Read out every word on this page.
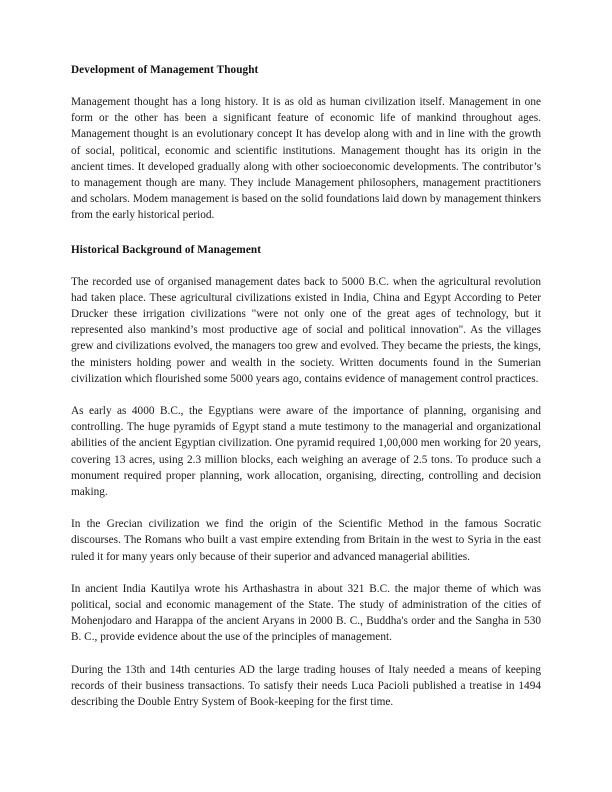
Development of Management Thought

Management thought has a long history. It is as old as human civilization itself. Management in one form or the other has been a significant feature of economic life of mankind throughout ages. Management thought is an evolutionary concept It has develop along with and in line with the growth of social, political, economic and scientific institutions. Management thought has its origin in the ancient times. It developed gradually along with other socioeconomic developments. The contributor’s to management though are many. They include Management philosophers, management practitioners and scholars. Modem management is based on the solid foundations laid down by management thinkers from the early historical period.

Historical Background of Management

The recorded use of organised management dates back to 5000 B.C. when the agricultural revolution had taken place. These agricultural civilizations existed in India, China and Egypt According to Peter Drucker these irrigation civilizations "were not only one of the great ages of technology, but it represented also mankind’s most productive age of social and political innovation". As the villages grew and civilizations evolved, the managers too grew and evolved. They became the priests, the kings, the ministers holding power and wealth in the society. Written documents found in the Sumerian civilization which flourished some 5000 years ago, contains evidence of management control practices.

As early as 4000 B.C., the Egyptians were aware of the importance of planning, organising and controlling. The huge pyramids of Egypt stand a mute testimony to the managerial and organizational abilities of the ancient Egyptian civilization. One pyramid required 1,00,000 men working for 20 years, covering 13 acres, using 2.3 million blocks, each weighing an average of 2.5 tons. To produce such a monument required proper planning, work allocation, organising, directing, controlling and decision making.

In the Grecian civilization we find the origin of the Scientific Method in the famous Socratic discourses. The Romans who built a vast empire extending from Britain in the west to Syria in the east ruled it for many years only because of their superior and advanced managerial abilities.

In ancient India Kautilya wrote his Arthashastra in about 321 B.C. the major theme of which was political, social and economic management of the State. The study of administration of the cities of Mohenjodaro and Harappa of the ancient Aryans in 2000 B. C., Buddha's order and the Sangha in 530 B. C., provide evidence about the use of the principles of management.

During the 13th and 14th centuries AD the large trading houses of Italy needed a means of keeping records of their business transactions. To satisfy their needs Luca Pacioli published a treatise in 1494 describing the Double Entry System of Book-keeping for the first time.
